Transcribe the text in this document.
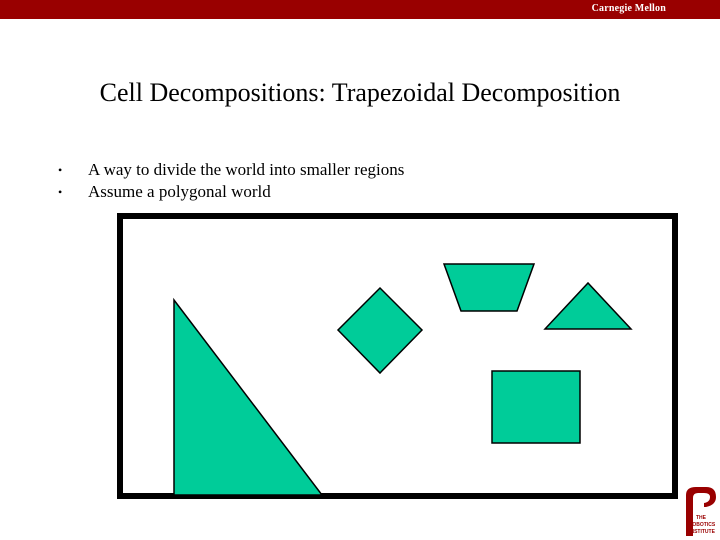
Carnegie Mellon
Cell Decompositions: Trapezoidal Decomposition
• A way to divide the world into smaller regions
• Assume a polygonal world
THE
ROBOTICS
INSTITUTE
